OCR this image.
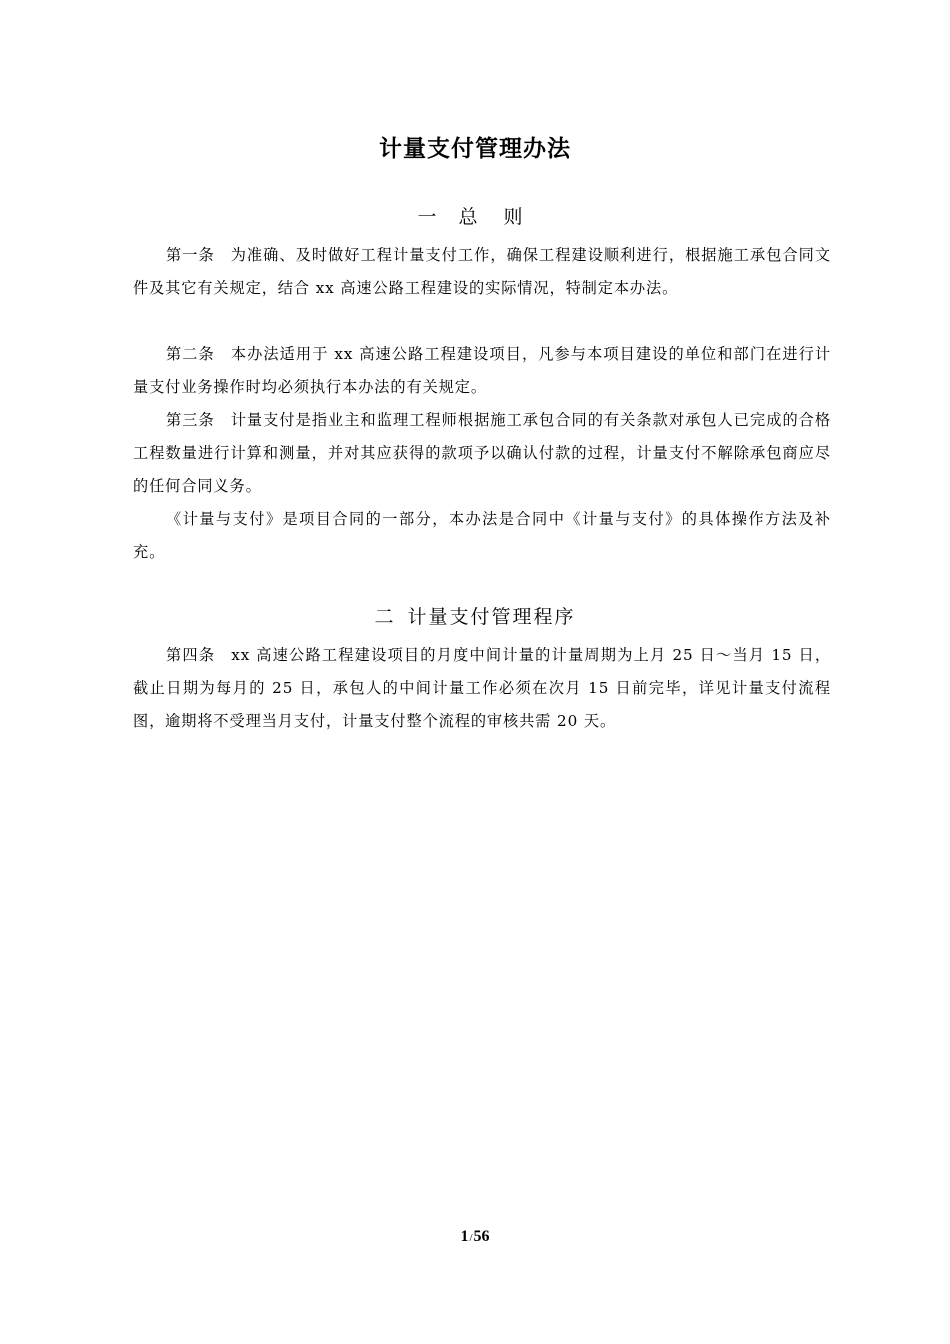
计量支付管理办法
一 总 则

第一条 为准确、及时做好工程计量支付工作，确保工程建设顺利进行，根据施工承包合同文件及其它有关规定，结合 xx 高速公路工程建设的实际情况，特制定本办法。

第二条 本办法适用于 xx 高速公路工程建设项目，凡参与本项目建设的单位和部门在进行计量支付业务操作时均必须执行本办法的有关规定。

第三条 计量支付是指业主和监理工程师根据施工承包合同的有关条款对承包人已完成的合格工程数量进行计算和测量，并对其应获得的款项予以确认付款的过程，计量支付不解除承包商应尽的任何合同义务。

《计量与支付》是项目合同的一部分，本办法是合同中《计量与支付》的具体操作方法及补充。

二 计量支付管理程序

第四条 xx 高速公路工程建设项目的月度中间计量的计量周期为上月 25 日～当月 15 日，截止日期为每月的 25 日，承包人的中间计量工作必须在次月 15 日前完毕，详见计量支付流程图，逾期将不受理当月支付，计量支付整个流程的审核共需 20 天。

1/56
